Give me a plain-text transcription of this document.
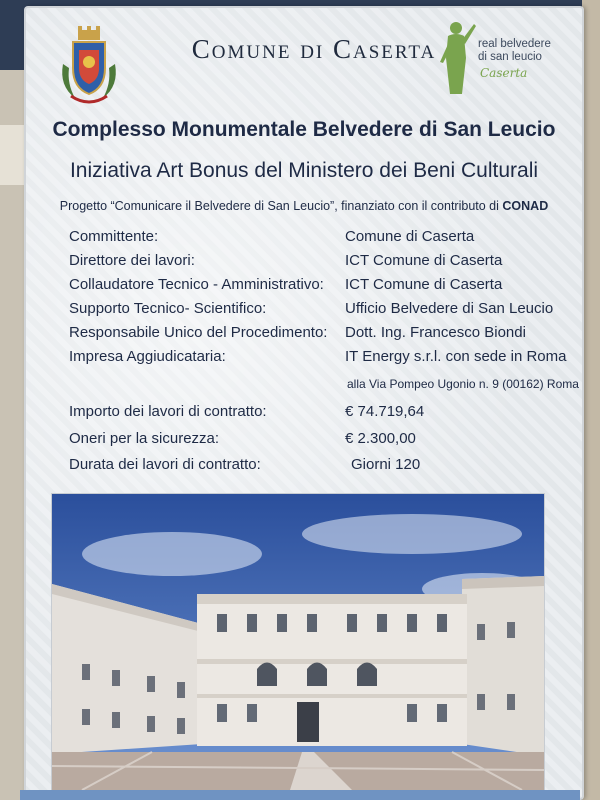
Comune di Caserta	real belvedere
di san leucio
Caserta
Complesso Monumentale Belvedere di San Leucio
Iniziativa Art Bonus del Ministero dei Beni Culturali
Progetto “Comunicare il Belvedere di San Leucio”, finanziato con il contributo di CONAD
Committente:	Comune di Caserta
Direttore dei lavori:	ICT Comune di Caserta
Collaudatore Tecnico - Amministrativo: ICT Comune di Caserta
Supporto Tecnico- Scientifico:	Ufficio Belvedere di San Leucio
Responsabile Unico del Procedimento: Dott. Ing. Francesco Biondi
Impresa Aggiudicataria:	IT Energy s.r.l. con sede in Roma
alla Via Pompeo Ugonio n. 9 (00162) Roma
Importo dei lavori di contratto:	€ 74.719,64
Oneri per la sicurezza:	€ 2.300,00
Durata dei lavori di contratto:	Giorni 120
